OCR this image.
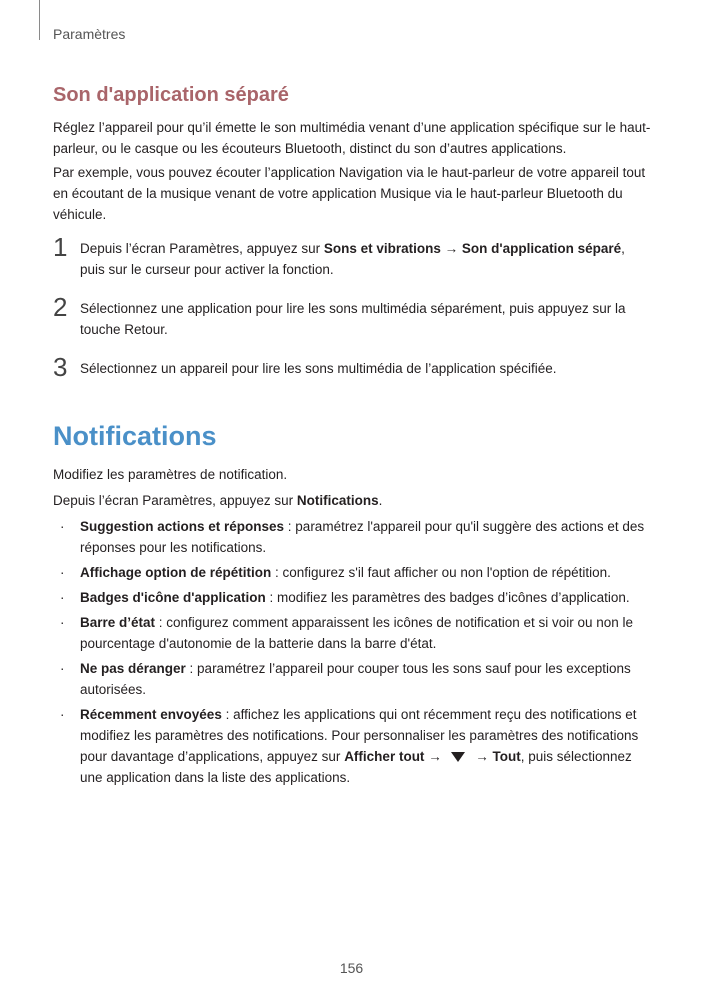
Paramètres
Son d'application séparé
Réglez l’appareil pour qu’il émette le son multimédia venant d’une application spécifique sur le haut-parleur, ou le casque ou les écouteurs Bluetooth, distinct du son d’autres applications.
Par exemple, vous pouvez écouter l’application Navigation via le haut-parleur de votre appareil tout en écoutant de la musique venant de votre application Musique via le haut-parleur Bluetooth du véhicule.
1 Depuis l’écran Paramètres, appuyez sur Sons et vibrations → Son d'application séparé, puis sur le curseur pour activer la fonction.
2 Sélectionnez une application pour lire les sons multimédia séparément, puis appuyez sur la touche Retour.
3 Sélectionnez un appareil pour lire les sons multimédia de l’application spécifiée.
Notifications
Modifiez les paramètres de notification.
Depuis l’écran Paramètres, appuyez sur Notifications.
· Suggestion actions et réponses : paramétrez l'appareil pour qu'il suggère des actions et des réponses pour les notifications.
· Affichage option de répétition : configurez s'il faut afficher ou non l'option de répétition.
· Badges d'icône d'application : modifiez les paramètres des badges d’icônes d’application.
· Barre d’état : configurez comment apparaissent les icônes de notification et si voir ou non le pourcentage d'autonomie de la batterie dans la barre d'état.
· Ne pas déranger : paramétrez l’appareil pour couper tous les sons sauf pour les exceptions autorisées.
· Récemment envoyées : affichez les applications qui ont récemment reçu des notifications et modifiez les paramètres des notifications. Pour personnaliser les paramètres des notifications pour davantage d’applications, appuyez sur Afficher tout →  → Tout, puis sélectionnez une application dans la liste des applications.
156
